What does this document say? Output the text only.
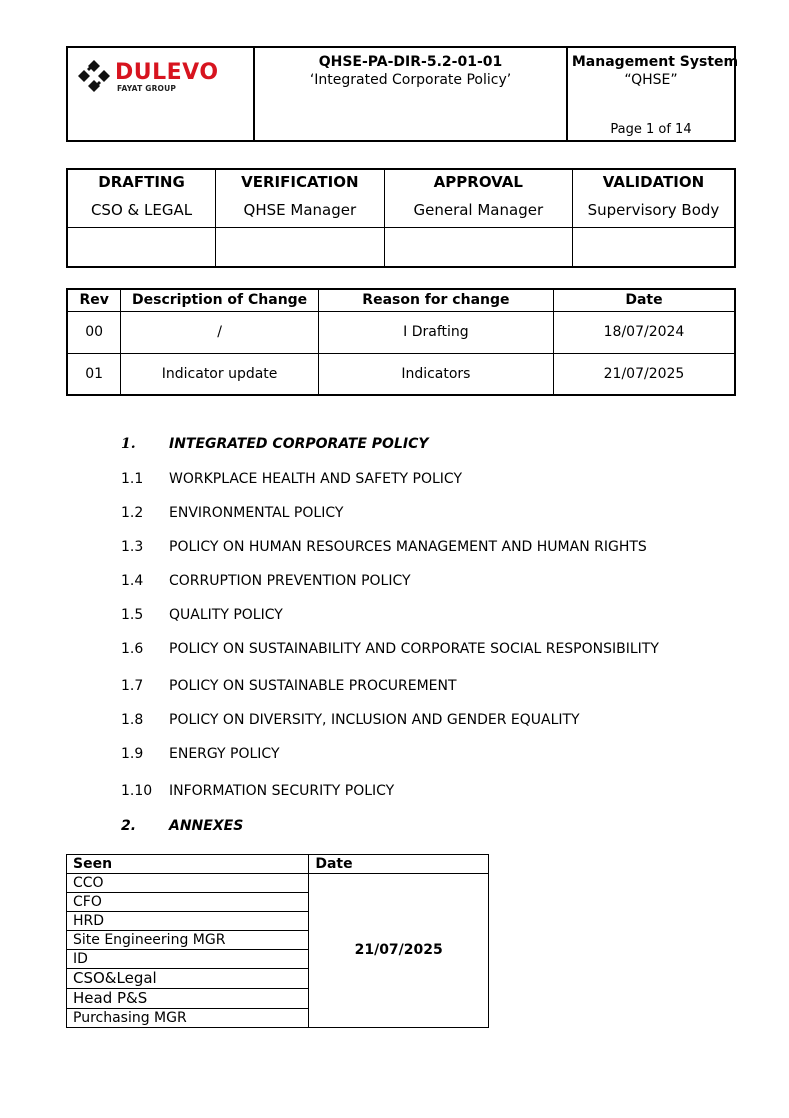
DULEVO
FAYAT GROUP
QHSE-PA-DIR-5.2-01-01
‘Integrated Corporate Policy’
Management System
“QHSE”
Page 1 of 14
DRAFTING	VERIFICATION	APPROVAL	VALIDATION
CSO & LEGAL	QHSE Manager	General Manager	Supervisory Body

Rev	Description of Change	Reason for change	Date
00	/	I Drafting	18/07/2024
01	Indicator update	Indicators	21/07/2025
1.	INTEGRATED CORPORATE POLICY
1.1	WORKPLACE HEALTH AND SAFETY POLICY
1.2	ENVIRONMENTAL POLICY
1.3	POLICY ON HUMAN RESOURCES MANAGEMENT AND HUMAN RIGHTS
1.4	CORRUPTION PREVENTION POLICY
1.5	QUALITY POLICY
1.6	POLICY ON SUSTAINABILITY AND CORPORATE SOCIAL RESPONSIBILITY
1.7	POLICY ON SUSTAINABLE PROCUREMENT
1.8	POLICY ON DIVERSITY, INCLUSION AND GENDER EQUALITY
1.9	ENERGY POLICY
1.10	INFORMATION SECURITY POLICY
2.	ANNEXES
Seen	Date
CCO	21/07/2025
CFO	
HRD	
Site Engineering MGR	
ID	
CSO&Legal	
Head P&S	
Purchasing MGR	
